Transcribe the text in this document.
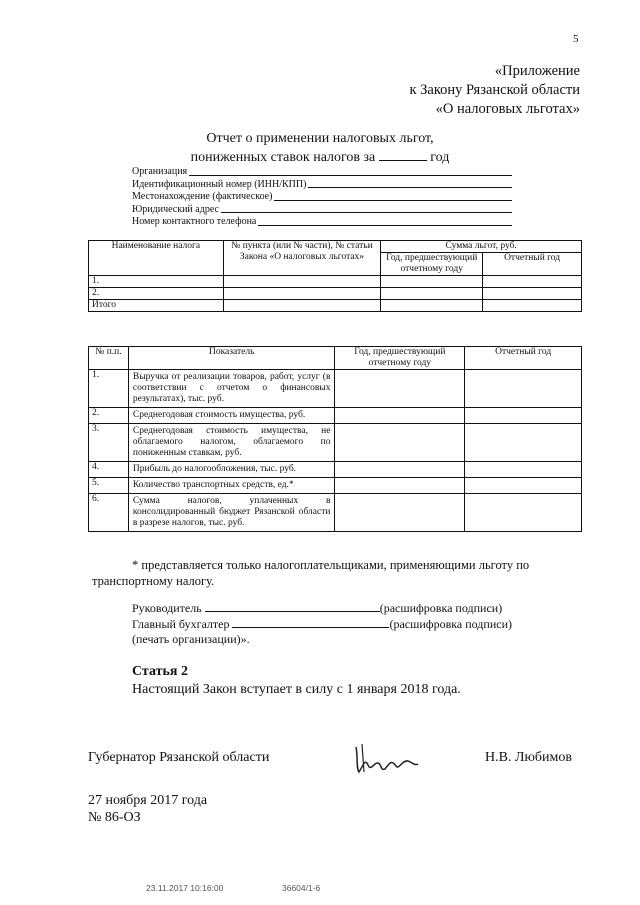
5
«Приложение
к Закону Рязанской области
«О налоговых льготах»
Отчет о применении налоговых льгот,
пониженных ставок налогов за	год
Организация
Идентификационный номер (ИНН/КПП)
Местонахождение (фактическое)
Юридический адрес
Номер контактного телефона
Наименование налога	№ пункта (или № части), № статьи Закона «О налоговых льготах»	Сумма льгот, руб.	
		Год, предшествующий отчетному году	Отчетный год
1.			
2.			
Итого			
№ п.п.	Показатель	Год, предшествующий отчетному году	Отчетный год
1.	Выручка от реализации товаров, работ, услуг (в соответствии с отчетом о финансовых результатах), тыс. руб.		
2.	Среднегодовая стоимость имущества, руб.		
3.	Среднегодовая стоимость имущества, не облагаемого налогом, облагаемого по пониженным ставкам, руб.		
4.	Прибыль до налогообложения, тыс. руб.		
5.	Количество транспортных средств, ед.*		
6.	Сумма налогов, уплаченных в консолидированный бюджет Рязанской области в разрезе налогов, тыс. руб.		
* представляется только налогоплательщиками, применяющими льготу по
транспортному налогу.
Руководитель	(расшифровка подписи)
Главный бухгалтер	(расшифровка подписи)
(печать организации)».
Статья 2
Настоящий Закон вступает в силу с 1 января 2018 года.
Губернатор Рязанской области	Н.В. Любимов
27 ноября 2017 года
№ 86-ОЗ
23.11.2017 10:16:00	36604/1-6
